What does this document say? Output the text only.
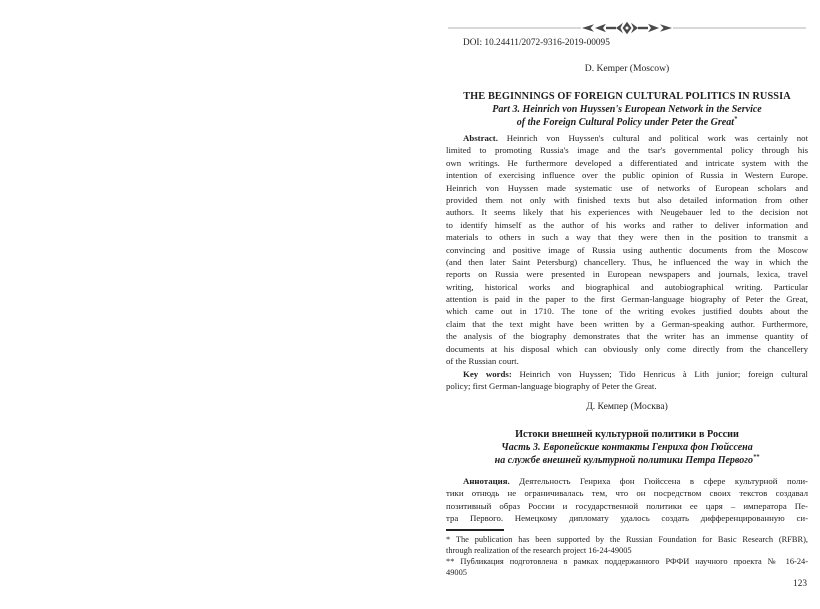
DOI: 10.24411/2072-9316-2019-00095
D. Kemper (Moscow)
THE BEGINNINGS OF FOREIGN CULTURAL POLITICS IN RUSSIA
Part 3. Heinrich von Huyssen's European Network in the Service
of the Foreign Cultural Policy under Peter the Great*
Abstract. Heinrich von Huyssen's cultural and political work was certainly not
limited to promoting Russia's image and the tsar's governmental policy through his
own writings. He furthermore developed a differentiated and intricate system with the
intention of exercising influence over the public opinion of Russia in Western Europe.
Heinrich von Huyssen made systematic use of networks of European scholars and
provided them not only with finished texts but also detailed information from other
authors. It seems likely that his experiences with Neugebauer led to the decision not
to identify himself as the author of his works and rather to deliver information and
materials to others in such a way that they were then in the position to transmit a
convincing and positive image of Russia using authentic documents from the Moscow
(and then later Saint Petersburg) chancellery. Thus, he influenced the way in which the
reports on Russia were presented in European newspapers and journals, lexica, travel
writing, historical works and biographical and autobiographical writing. Particular
attention is paid in the paper to the first German-language biography of Peter the Great,
which came out in 1710. The tone of the writing evokes justified doubts about the
claim that the text might have been written by a German-speaking author. Furthermore,
the analysis of the biography demonstrates that the writer has an immense quantity of
documents at his disposal which can obviously only come directly from the chancellery
of the Russian court.
Key words: Heinrich von Huyssen; Tido Henricus à Lith junior; foreign cultural
policy; first German-language biography of Peter the Great.
Д. Кемпер (Москва)
Истоки внешней культурной политики в России
Часть 3. Европейские контакты Генриха фон Гюйссена
на службе внешней культурной политики Петра Первого**
Аннотация. Деятельность Генриха фон Гюйссена в сфере культурной поли-
тики отнюдь не ограничивалась тем, что он посредством своих текстов создавал
позитивный образ России и государственной политики ее царя – императора Пе-
тра Первого. Немецкому дипломату удалось создать дифференцированную си-
* The publication has been supported by the Russian Foundation for Basic Research (RFBR),
through realization of the research project 16-24-49005
** Публикация подготовлена в рамках поддержанного РФФИ научного проекта № 16-24-
49005
123
